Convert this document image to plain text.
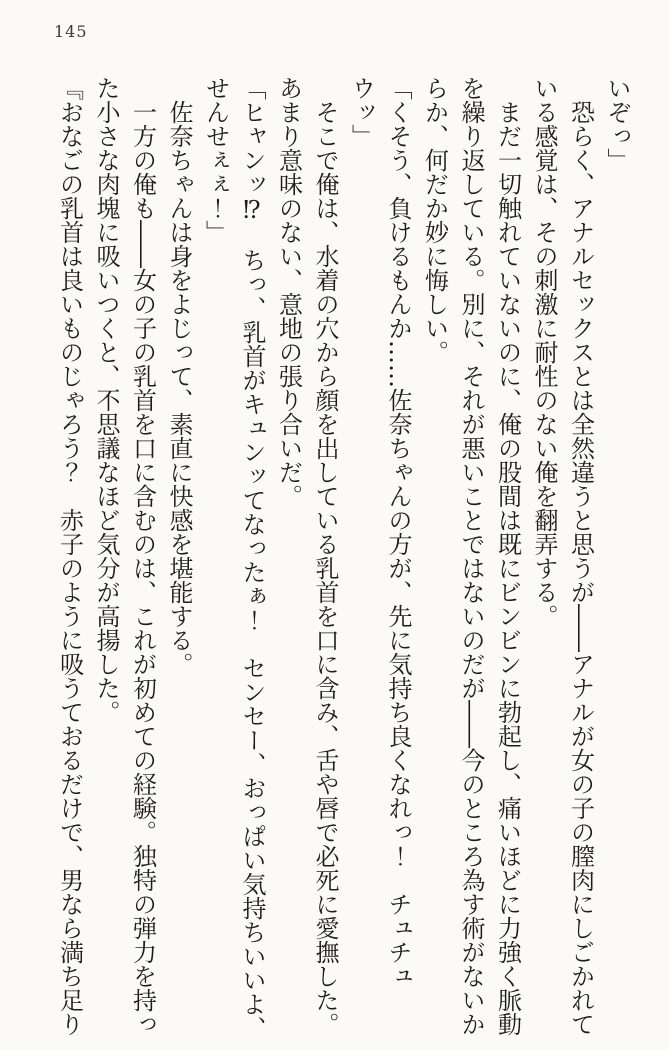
145

いぞっ」

恐らく、アナルセックスとは全然違うと思うが――アナルが女の子の膣肉にしごかれて

いる感覚は、その刺激に耐性のない俺を翻弄する。

まだ一切触れていないのに、俺の股間は既にビンビンに勃起し、痛いほどに力強く脈動

を繰り返している。別に、それが悪いことではないのだが――今のところ為す術がないか

らか、何だか妙に悔しい。

「くそう、負けるもんか……佐奈ちゃんの方が、先に気持ち良くなれっ！　チュチュ

ウッ」

そこで俺は、水着の穴から顔を出している乳首を口に含み、舌や唇で必死に愛撫した。

あまり意味のない、意地の張り合いだ。

「ヒャンッ⁉　ちっ、乳首がキュンッてなったぁ！　センセー、おっぱい気持ちいいよ、

せんせぇぇ！」

佐奈ちゃんは身をよじって、素直に快感を堪能する。

一方の俺も――女の子の乳首を口に含むのは、これが初めての経験。独特の弾力を持っ

た小さな肉塊に吸いつくと、不思議なほど気分が高揚した。

『おなごの乳首は良いものじゃろう？　赤子のように吸うておるだけで、男なら満ち足り
